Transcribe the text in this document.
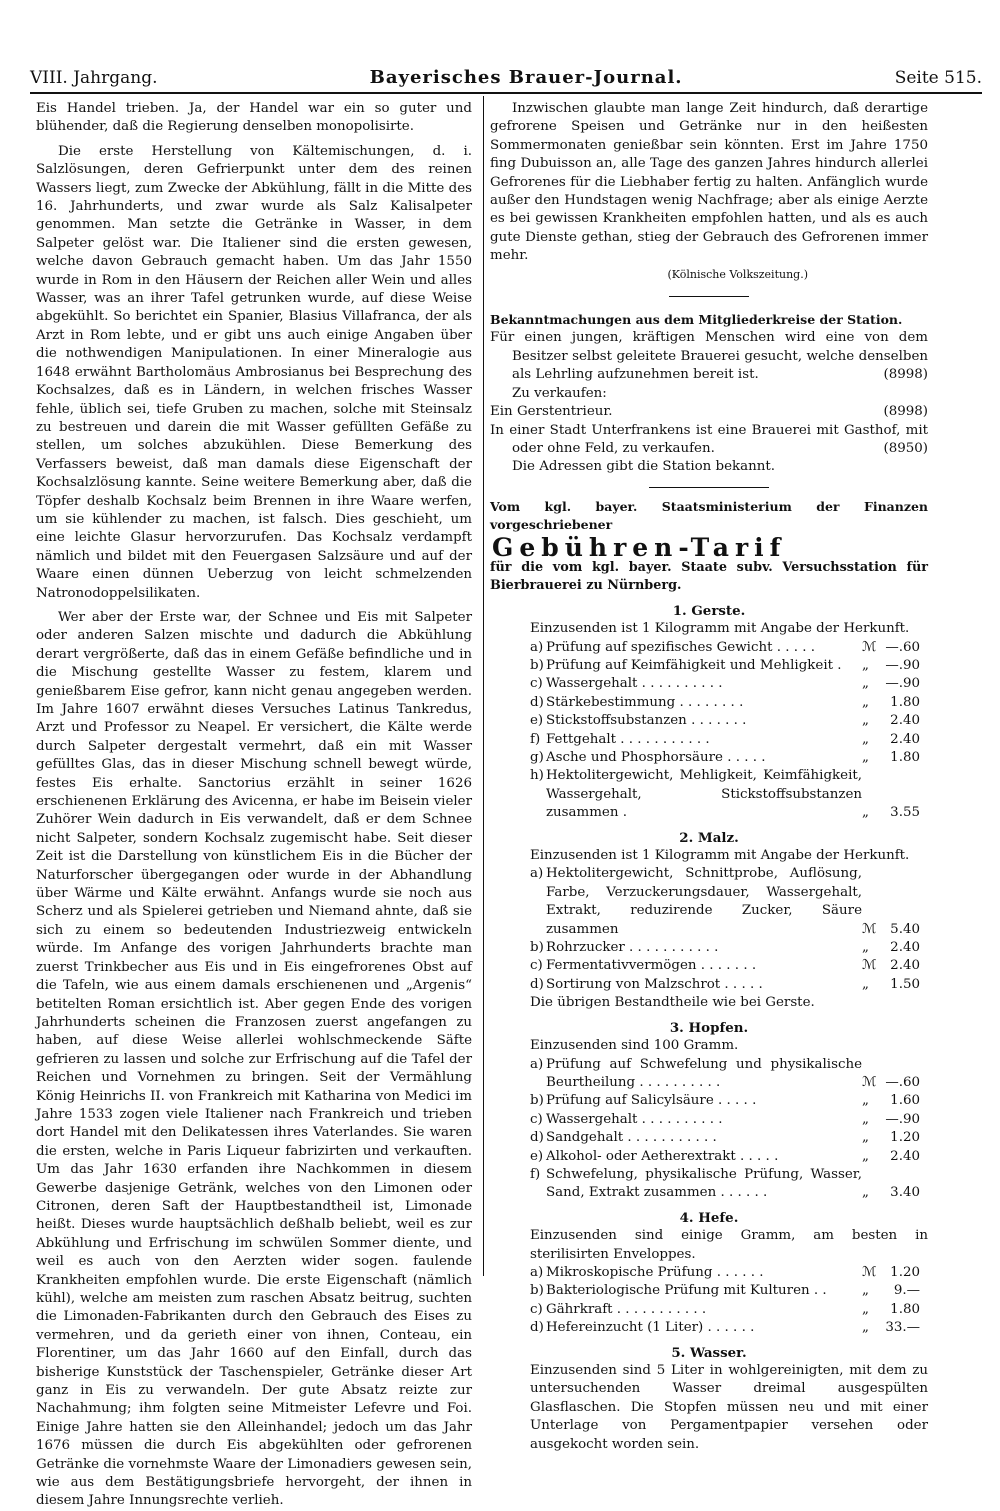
VIII. Jahrgang.	Bayerisches Brauer-Journal.	Seite 515.

Eis Handel trieben. Ja, der Handel war ein so guter und blühender, daß die Regierung denselben monopolisirte.

Die erste Herstellung von Kältemischungen, d. i. Salzlösungen, deren Gefrierpunkt unter dem des reinen Wassers liegt, zum Zwecke der Abkühlung, fällt in die Mitte des 16. Jahrhunderts, und zwar wurde als Salz Kalisalpeter genommen. Man setzte die Getränke in Wasser, in dem Salpeter gelöst war. Die Italiener sind die ersten gewesen, welche davon Gebrauch gemacht haben. Um das Jahr 1550 wurde in Rom in den Häusern der Reichen aller Wein und alles Wasser, was an ihrer Tafel getrunken wurde, auf diese Weise abgekühlt. So berichtet ein Spanier, Blasius Villafranca, der als Arzt in Rom lebte, und er gibt uns auch einige Angaben über die nothwendigen Manipulationen. In einer Mineralogie aus 1648 erwähnt Bartholomäus Ambrosianus bei Besprechung des Kochsalzes, daß es in Ländern, in welchen frisches Wasser fehle, üblich sei, tiefe Gruben zu machen, solche mit Steinsalz zu bestreuen und darein die mit Wasser gefüllten Gefäße zu stellen, um solches abzukühlen. Diese Bemerkung des Verfassers beweist, daß man damals diese Eigenschaft der Kochsalzlösung kannte. Seine weitere Bemerkung aber, daß die Töpfer deshalb Kochsalz beim Brennen in ihre Waare werfen, um sie kühlender zu machen, ist falsch. Dies geschieht, um eine leichte Glasur hervorzurufen. Das Kochsalz verdampft nämlich und bildet mit den Feuergasen Salzsäure und auf der Waare einen dünnen Ueberzug von leicht schmelzenden Natronodoppelsilikaten.

Wer aber der Erste war, der Schnee und Eis mit Salpeter oder anderen Salzen mischte und dadurch die Abkühlung derart vergrößerte, daß das in einem Gefäße befindliche und in die Mischung gestellte Wasser zu festem, klarem und genießbarem Eise gefror, kann nicht genau angegeben werden. Im Jahre 1607 erwähnt dieses Versuches Latinus Tankredus, Arzt und Professor zu Neapel. Er versichert, die Kälte werde durch Salpeter dergestalt vermehrt, daß ein mit Wasser gefülltes Glas, das in dieser Mischung schnell bewegt würde, festes Eis erhalte. Sanctorius erzählt in seiner 1626 erschienenen Erklärung des Avicenna, er habe im Beisein vieler Zuhörer Wein dadurch in Eis verwandelt, daß er dem Schnee nicht Salpeter, sondern Kochsalz zugemischt habe. Seit dieser Zeit ist die Darstellung von künstlichem Eis in die Bücher der Naturforscher übergegangen oder wurde in der Abhandlung über Wärme und Kälte erwähnt. Anfangs wurde sie noch aus Scherz und als Spielerei getrieben und Niemand ahnte, daß sie sich zu einem so bedeutenden Industriezweig entwickeln würde. Im Anfange des vorigen Jahrhunderts brachte man zuerst Trinkbecher aus Eis und in Eis eingefrorenes Obst auf die Tafeln, wie aus einem damals erschienenen und „Argenis“ betitelten Roman ersichtlich ist. Aber gegen Ende des vorigen Jahrhunderts scheinen die Franzosen zuerst angefangen zu haben, auf diese Weise allerlei wohlschmeckende Säfte gefrieren zu lassen und solche zur Erfrischung auf die Tafel der Reichen und Vornehmen zu bringen. Seit der Vermählung König Heinrichs II. von Frankreich mit Katharina von Medici im Jahre 1533 zogen viele Italiener nach Frankreich und trieben dort Handel mit den Delikatessen ihres Vaterlandes. Sie waren die ersten, welche in Paris Liqueur fabrizirten und verkauften. Um das Jahr 1630 erfanden ihre Nachkommen in diesem Gewerbe dasjenige Getränk, welches von den Limonen oder Citronen, deren Saft der Hauptbestandtheil ist, Limonade heißt. Dieses wurde hauptsächlich deßhalb beliebt, weil es zur Abkühlung und Erfrischung im schwülen Sommer diente, und weil es auch von den Aerzten wider sogen. faulende Krankheiten empfohlen wurde. Die erste Eigenschaft (nämlich kühl), welche am meisten zum raschen Absatz beitrug, suchten die Limonaden-Fabrikanten durch den Gebrauch des Eises zu vermehren, und da gerieth einer von ihnen, Conteau, ein Florentiner, um das Jahr 1660 auf den Einfall, durch das bisherige Kunststück der Taschenspieler, Getränke dieser Art ganz in Eis zu verwandeln. Der gute Absatz reizte zur Nachahmung; ihm folgten seine Mitmeister Lefevre und Foi. Einige Jahre hatten sie den Alleinhandel; jedoch um das Jahr 1676 müssen die durch Eis abgekühlten oder gefrorenen Getränke die vornehmste Waare der Limonadiers gewesen sein, wie aus dem Bestätigungsbriefe hervorgeht, der ihnen in diesem Jahre Innungsrechte verlieh.

Inzwischen glaubte man lange Zeit hindurch, daß derartige gefrorene Speisen und Getränke nur in den heißesten Sommermonaten genießbar sein könnten. Erst im Jahre 1750 fing Dubuisson an, alle Tage des ganzen Jahres hindurch allerlei Gefrorenes für die Liebhaber fertig zu halten. Anfänglich wurde außer den Hundstagen wenig Nachfrage; aber als einige Aerzte es bei gewissen Krankheiten empfohlen hatten, und als es auch gute Dienste gethan, stieg der Gebrauch des Gefrorenen immer mehr.

(Kölnische Volkszeitung.)
Bekanntmachungen aus dem Mitgliederkreise der Station.
Für einen jungen, kräftigen Menschen wird eine von dem Besitzer selbst geleitete Brauerei gesucht, welche denselben als Lehrling aufzunehmen bereit ist.	(8998)
Zu verkaufen:
Ein Gerstentrieur.	(8998)
In einer Stadt Unterfrankens ist eine Brauerei mit Gasthof, mit oder ohne Feld, zu verkaufen.	(8950)
Die Adressen gibt die Station bekannt.
Vom kgl. bayer. Staatsministerium der Finanzen vorgeschriebener
Gebühren-Tarif
für die vom kgl. bayer. Staate subv. Versuchsstation für Bierbrauerei zu Nürnberg.
1. Gerste.
Einzusenden ist 1 Kilogramm mit Angabe der Herkunft.
a) Prüfung auf spezifisches Gewicht . . . . .	ℳ —.60
b) Prüfung auf Keimfähigkeit und Mehligkeit .	„	—.90
c) Wassergehalt . . . . . . . . . .	„	—.90
d) Stärkebestimmung . . . . . . . .	„	1.80
e) Stickstoffsubstanzen . . . . . . .	„	2.40
f) Fettgehalt . . . . . . . . . . .	„	2.40
g) Asche und Phosphorsäure . . . . .	„	1.80
h) Hektolitergewicht, Mehligkeit, Keimfähigkeit, Wassergehalt, Stickstoffsubstanzen zusammen .	„	3.55
2. Malz.
Einzusenden ist 1 Kilogramm mit Angabe der Herkunft.
a) Hektolitergewicht, Schnittprobe, Auflösung, Farbe, Verzuckerungsdauer, Wassergehalt, Extrakt, reduzirende Zucker, Säure zusammen	ℳ	5.40
b) Rohrzucker . . . . . . . . . . .	„	2.40
c) Fermentativvermögen . . . . . . .	ℳ	2.40
d) Sortirung von Malzschrot . . . . .	„	1.50
Die übrigen Bestandtheile wie bei Gerste.
3. Hopfen.
Einzusenden sind 100 Gramm.
a) Prüfung auf Schwefelung und physikalische Beurtheilung . . . . . . . . . .	ℳ —.60
b) Prüfung auf Salicylsäure . . . . .	„	1.60
c) Wassergehalt . . . . . . . . . .	„	—.90
d) Sandgehalt . . . . . . . . . . .	„	1.20
e) Alkohol- oder Aetherextrakt . . . . .	„	2.40
f) Schwefelung, physikalische Prüfung, Wasser, Sand, Extrakt zusammen . . . . . .	„	3.40
4. Hefe.
Einzusenden sind einige Gramm, am besten in sterilisirten Enveloppes.
a) Mikroskopische Prüfung . . . . . .	ℳ	1.20
b) Bakteriologische Prüfung mit Kulturen . .	„	9.—
c) Gährkraft . . . . . . . . . . .	„	1.80
d) Hefereinzucht (1 Liter) . . . . . .	„	33.—
5. Wasser.
Einzusenden sind 5 Liter in wohlgereinigten, mit dem zu untersuchenden Wasser dreimal ausgespülten Glasflaschen. Die Stopfen müssen neu und mit einer Unterlage von Pergamentpapier versehen oder ausgekocht worden sein.
